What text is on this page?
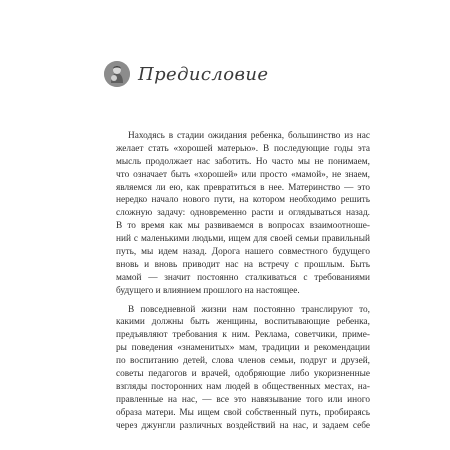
Предисловие
Находясь в стадии ожидания ребенка, большинство из нас
желает стать «хорошей матерью». В последующие годы эта
мысль продолжает нас заботить. Но часто мы не понимаем,
что означает быть «хорошей» или просто «мамой», не знаем,
являемся ли ею, как превратиться в нее. Материнство — это
нередко начало нового пути, на котором необходимо решить
сложную задачу: одновременно расти и оглядываться назад.
В то время как мы развиваемся в вопросах взаимоотноше-
ний с маленькими людьми, ищем для своей семьи правильный
путь, мы идем назад. Дорога нашего совместного будущего
вновь и вновь приводит нас на встречу с прошлым. Быть
мамой — значит постоянно сталкиваться с требованиями
будущего и влиянием прошлого на настоящее.
В повседневной жизни нам постоянно транслируют то,
какими должны быть женщины, воспитывающие ребенка,
предъявляют требования к ним. Реклама, советчики, приме-
ры поведения «знаменитых» мам, традиции и рекомендации
по воспитанию детей, слова членов семьи, подруг и друзей,
советы педагогов и врачей, одобряющие либо укоризненные
взгляды посторонних нам людей в общественных местах, на-
правленные на нас, — все это навязывание того или иного
образа матери. Мы ищем свой собственный путь, пробираясь
через джунгли различных воздействий на нас, и задаем себе
